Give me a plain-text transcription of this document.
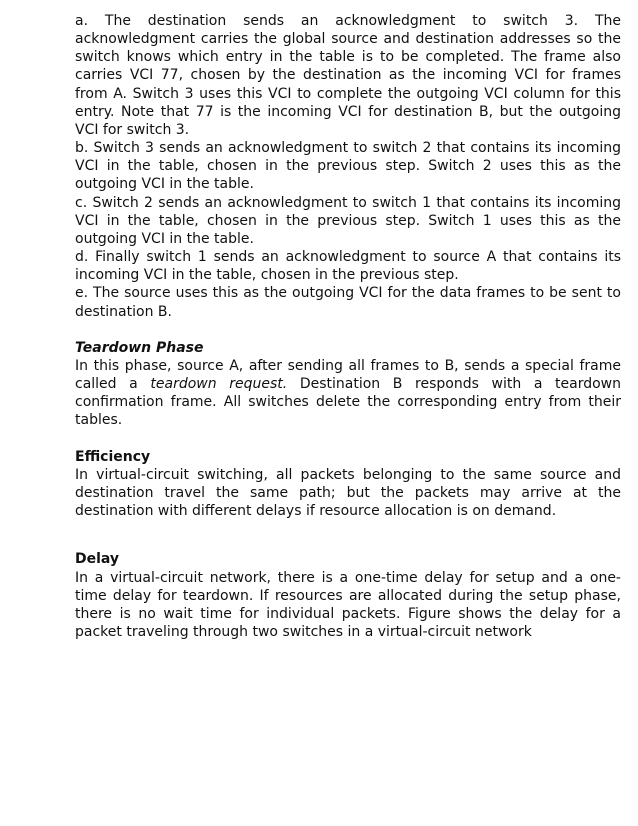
a. The destination sends an acknowledgment to switch 3. The acknowledgment carries the global source and destination addresses so the switch knows which entry in the table is to be completed. The frame also carries VCI 77, chosen by the destination as the incoming VCI for frames from A. Switch 3 uses this VCI to complete the outgoing VCI column for this entry. Note that 77 is the incoming VCI for destination B, but the outgoing VCI for switch 3.

b. Switch 3 sends an acknowledgment to switch 2 that contains its incoming VCI in the table, chosen in the previous step. Switch 2 uses this as the outgoing VCI in the table.

c. Switch 2 sends an acknowledgment to switch 1 that contains its incoming VCI in the table, chosen in the previous step. Switch 1 uses this as the outgoing VCI in the table.

d. Finally switch 1 sends an acknowledgment to source A that contains its incoming VCI in the table, chosen in the previous step.

e. The source uses this as the outgoing VCI for the data frames to be sent to destination B.

Teardown Phase

In this phase, source A, after sending all frames to B, sends a special frame called a teardown request. Destination B responds with a teardown confirmation frame. All switches delete the corresponding entry from their tables.

Efficiency

In virtual-circuit switching, all packets belonging to the same source and destination travel the same path; but the packets may arrive at the destination with different delays if resource allocation is on demand.

Delay

In a virtual-circuit network, there is a one-time delay for setup and a one-time delay for teardown. If resources are allocated during the setup phase, there is no wait time for individual packets. Figure shows the delay for a packet traveling through two switches in a virtual-circuit network
